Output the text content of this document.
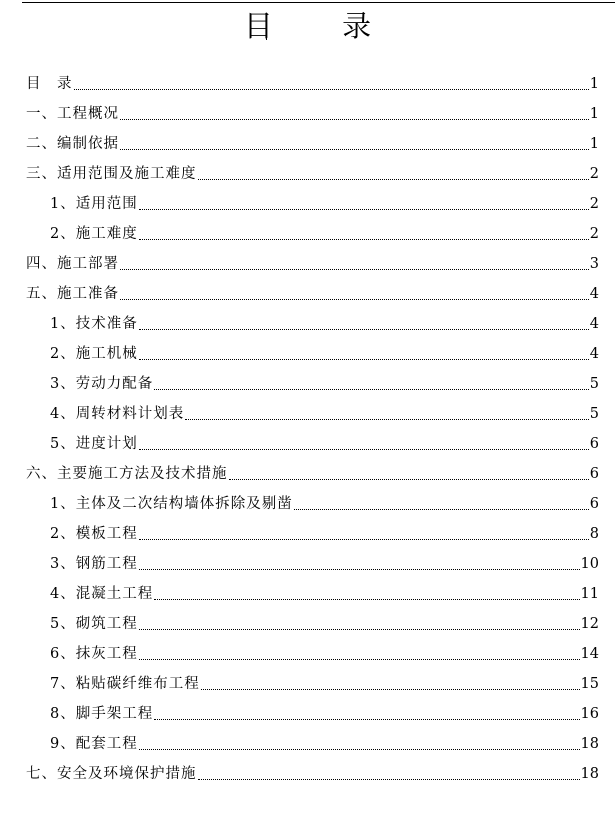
目 录
目　录	1
一、工程概况	1
二、编制依据	1
三、适用范围及施工难度	2
1、适用范围	2
2、施工难度	2
四、施工部署	3
五、施工准备	4
1、技术准备	4
2、施工机械	4
3、劳动力配备	5
4、周转材料计划表	5
5、进度计划	6
六、主要施工方法及技术措施	6
1、主体及二次结构墙体拆除及剔凿	6
2、模板工程	8
3、钢筋工程	10
4、混凝土工程	11
5、砌筑工程	12
6、抹灰工程	14
7、粘贴碳纤维布工程	15
8、脚手架工程	16
9、配套工程	18
七、安全及环境保护措施	18
